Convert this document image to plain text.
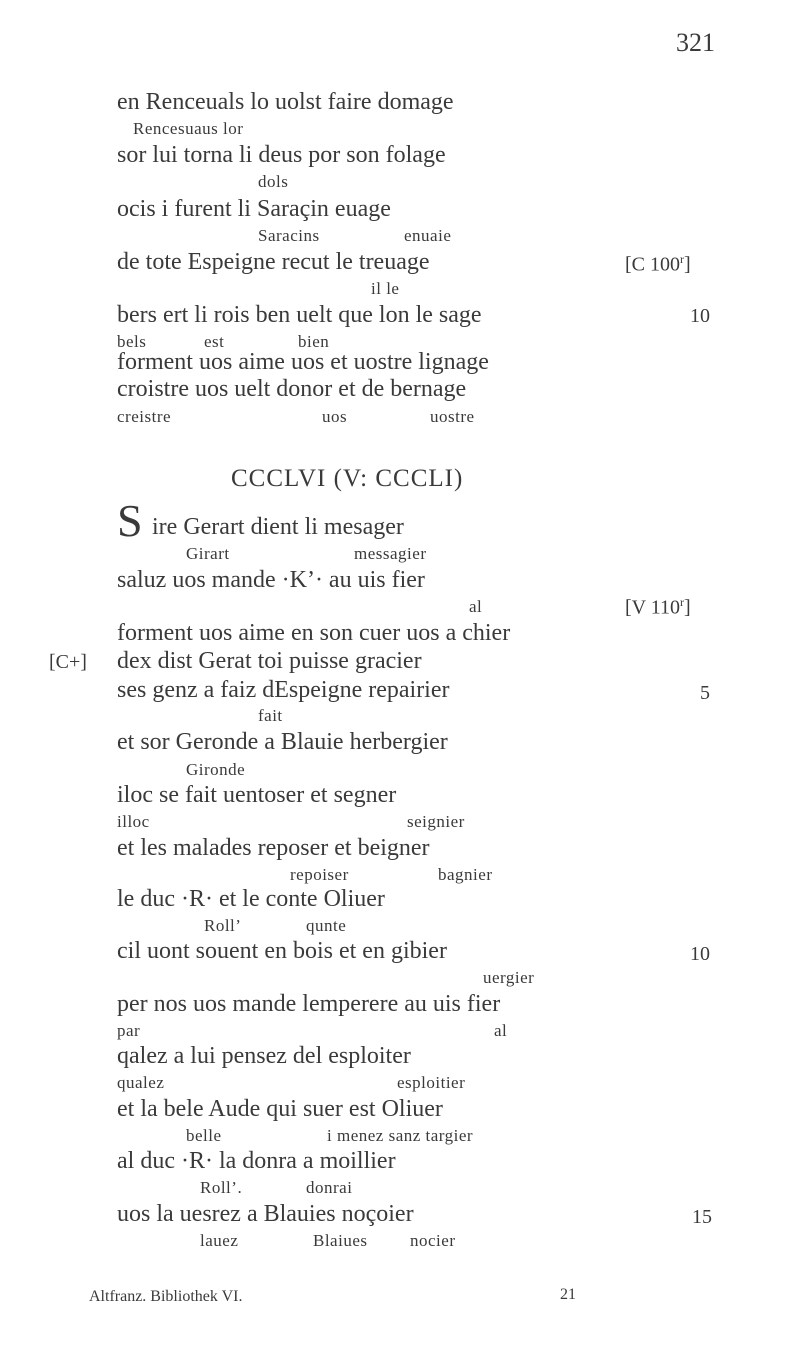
321
en Renceuals lo uolst faire domage
Rencesuaus lor
sor lui torna li deus por son folage
dols
ocis i furent li Saraçin euage
Saracins	enuaie
de tote Espeigne recut le treuage	[C 100$^r$]
il le
bers ert li rois ben uelt que lon le sage	10
bels	est	bien
forment uos aime uos et uostre lignage
croistre uos uelt donor et de bernage
creistre	uos	uostre
CCCLVI (V: CCCLI)
S ire Gerart dient li mesager
Girart	messagier
saluz uos mande ·K’· au uis fier
al	[V 110$^r$]
forment uos aime en son cuer uos a chier
[C+] dex dist Gerat toi puisse gracier
ses genz a faiz dEspeigne repairier	5
fait
et sor Geronde a Blauie herbergier
Gironde
iloc se fait uentoser et segner
illoc	seignier
et les malades reposer et beigner
repoiser	bagnier
le duc ·R· et le conte Oliuer
Roll’	qunte
cil uont souent en bois et en gibier	10
uergier
per nos uos mande lemperere au uis fier
par	al
qalez a lui pensez del esploiter
qualez	esploitier
et la bele Aude qui suer est Oliuer
belle	i menez sanz targier
al duc ·R· la donra a moillier
Roll’.	donrai
uos la uesrez a Blauies noçoier	15
lauez	Blaiues	nocier
Altfranz. Bibliothek VI.	21
